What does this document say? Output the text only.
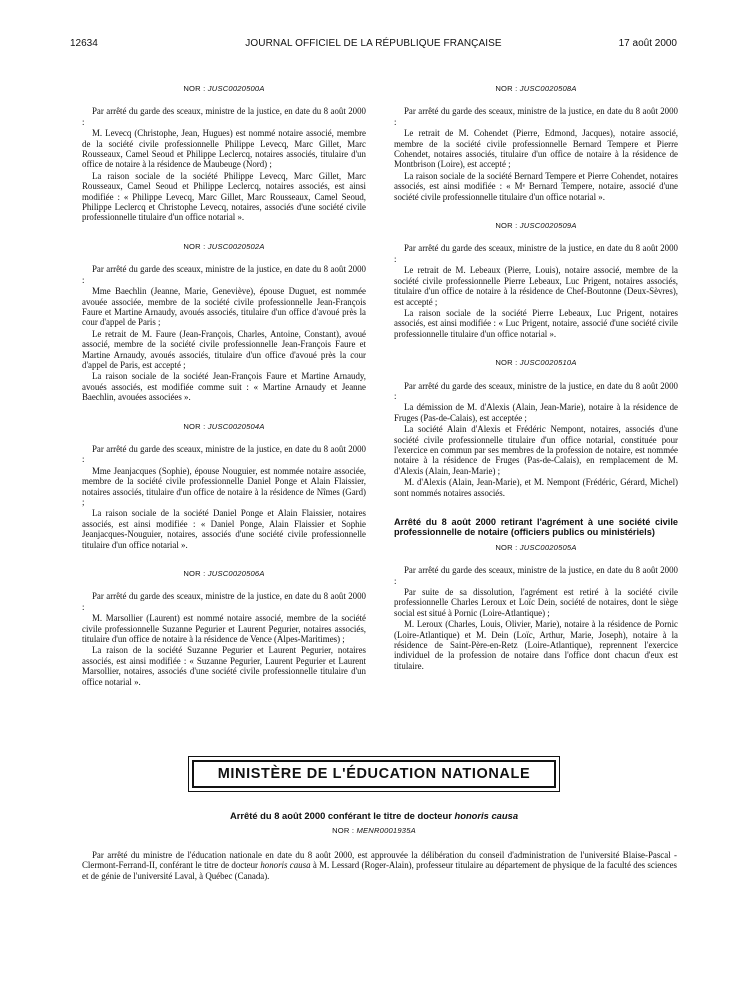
12634	JOURNAL OFFICIEL DE LA RÉPUBLIQUE FRANÇAISE	17 août 2000
NOR : JUSC0020500A

Par arrêté du garde des sceaux, ministre de la justice, en date du 8 août 2000 :

M. Levecq (Christophe, Jean, Hugues) est nommé notaire associé, membre de la société civile professionnelle Philippe Levecq, Marc Gillet, Marc Rousseaux, Camel Seoud et Philippe Leclercq, notaires associés, titulaire d'un office de notaire à la résidence de Maubeuge (Nord) ;

La raison sociale de la société Philippe Levecq, Marc Gillet, Marc Rousseaux, Camel Seoud et Philippe Leclercq, notaires associés, est ainsi modifiée : « Philippe Levecq, Marc Gillet, Marc Rousseaux, Camel Seoud, Philippe Leclercq et Christophe Levecq, notaires, associés d'une société civile professionnelle titulaire d'un office notarial ».

NOR : JUSC0020502A

Par arrêté du garde des sceaux, ministre de la justice, en date du 8 août 2000 :

Mme Baechlin (Jeanne, Marie, Geneviève), épouse Duguet, est nommée avouée associée, membre de la société civile professionnelle Jean-François Faure et Martine Arnaudy, avoués associés, titulaire d'un office d'avoué près la cour d'appel de Paris ;

Le retrait de M. Faure (Jean-François, Charles, Antoine, Constant), avoué associé, membre de la société civile professionnelle Jean-François Faure et Martine Arnaudy, avoués associés, titulaire d'un office d'avoué près la cour d'appel de Paris, est accepté ;

La raison sociale de la société Jean-François Faure et Martine Arnaudy, avoués associés, est modifiée comme suit : « Martine Arnaudy et Jeanne Baechlin, avouées associées ».

NOR : JUSC0020504A

Par arrêté du garde des sceaux, ministre de la justice, en date du 8 août 2000 :

Mme Jeanjacques (Sophie), épouse Nouguier, est nommée notaire associée, membre de la société civile professionnelle Daniel Ponge et Alain Flaissier, notaires associés, titulaire d'un office de notaire à la résidence de Nîmes (Gard) ;

La raison sociale de la société Daniel Ponge et Alain Flaissier, notaires associés, est ainsi modifiée : « Daniel Ponge, Alain Flaissier et Sophie Jeanjacques-Nouguier, notaires, associés d'une société civile professionnelle titulaire d'un office notarial ».

NOR : JUSC0020506A

Par arrêté du garde des sceaux, ministre de la justice, en date du 8 août 2000 :

M. Marsollier (Laurent) est nommé notaire associé, membre de la société civile professionnelle Suzanne Pegurier et Laurent Pegurier, notaires associés, titulaire d'un office de notaire à la résidence de Vence (Alpes-Maritimes) ;

La raison de la société Suzanne Pegurier et Laurent Pegurier, notaires associés, est ainsi modifiée : « Suzanne Pegurier, Laurent Pegurier et Laurent Marsollier, notaires, associés d'une société civile professionnelle titulaire d'un office notarial ».

NOR : JUSC0020508A

Par arrêté du garde des sceaux, ministre de la justice, en date du 8 août 2000 :

Le retrait de M. Cohendet (Pierre, Edmond, Jacques), notaire associé, membre de la société civile professionnelle Bernard Tempere et Pierre Cohendet, notaires associés, titulaire d'un office de notaire à la résidence de Montbrison (Loire), est accepté ;

La raison sociale de la société Bernard Tempere et Pierre Cohendet, notaires associés, est ainsi modifiée : « Mᵉ Bernard Tempere, notaire, associé d'une société civile professionnelle titulaire d'un office notarial ».

NOR : JUSC0020509A

Par arrêté du garde des sceaux, ministre de la justice, en date du 8 août 2000 :

Le retrait de M. Lebeaux (Pierre, Louis), notaire associé, membre de la société civile professionnelle Pierre Lebeaux, Luc Prigent, notaires associés, titulaire d'un office de notaire à la résidence de Chef-Boutonne (Deux-Sèvres), est accepté ;

La raison sociale de la société Pierre Lebeaux, Luc Prigent, notaires associés, est ainsi modifiée : « Luc Prigent, notaire, associé d'une société civile professionnelle titulaire d'un office notarial ».

NOR : JUSC0020510A

Par arrêté du garde des sceaux, ministre de la justice, en date du 8 août 2000 :

La démission de M. d'Alexis (Alain, Jean-Marie), notaire à la résidence de Fruges (Pas-de-Calais), est acceptée ;

La société Alain d'Alexis et Frédéric Nempont, notaires, associés d'une société civile professionnelle titulaire d'un office notarial, constituée pour l'exercice en commun par ses membres de la profession de notaire, est nommée notaire à la résidence de Fruges (Pas-de-Calais), en remplacement de M. d'Alexis (Alain, Jean-Marie) ;

M. d'Alexis (Alain, Jean-Marie), et M. Nempont (Frédéric, Gérard, Michel) sont nommés notaires associés.

Arrêté du 8 août 2000 retirant l'agrément à une société civile professionnelle de notaire (officiers publics ou ministériels)
NOR : JUSC0020505A

Par arrêté du garde des sceaux, ministre de la justice, en date du 8 août 2000 :

Par suite de sa dissolution, l'agrément est retiré à la société civile professionnelle Charles Leroux et Loïc Dein, société de notaires, dont le siège social est situé à Pornic (Loire-Atlantique) ;

M. Leroux (Charles, Louis, Olivier, Marie), notaire à la résidence de Pornic (Loire-Atlantique) et M. Dein (Loïc, Arthur, Marie, Joseph), notaire à la résidence de Saint-Père-en-Retz (Loire-Atlantique), reprennent l'exercice individuel de la profession de notaire dans l'office dont chacun d'eux est titulaire.

MINISTÈRE DE L'ÉDUCATION NATIONALE
Arrêté du 8 août 2000 conférant le titre de docteur honoris causa
NOR : MENR0001935A
Par arrêté du ministre de l'éducation nationale en date du 8 août 2000, est approuvée la délibération du conseil d'administration de l'université Blaise-Pascal - Clermont-Ferrand-II, conférant le titre de docteur honoris causa à M. Lessard (Roger-Alain), professeur titulaire au département de physique de la faculté des sciences et de génie de l'université Laval, à Québec (Canada).
